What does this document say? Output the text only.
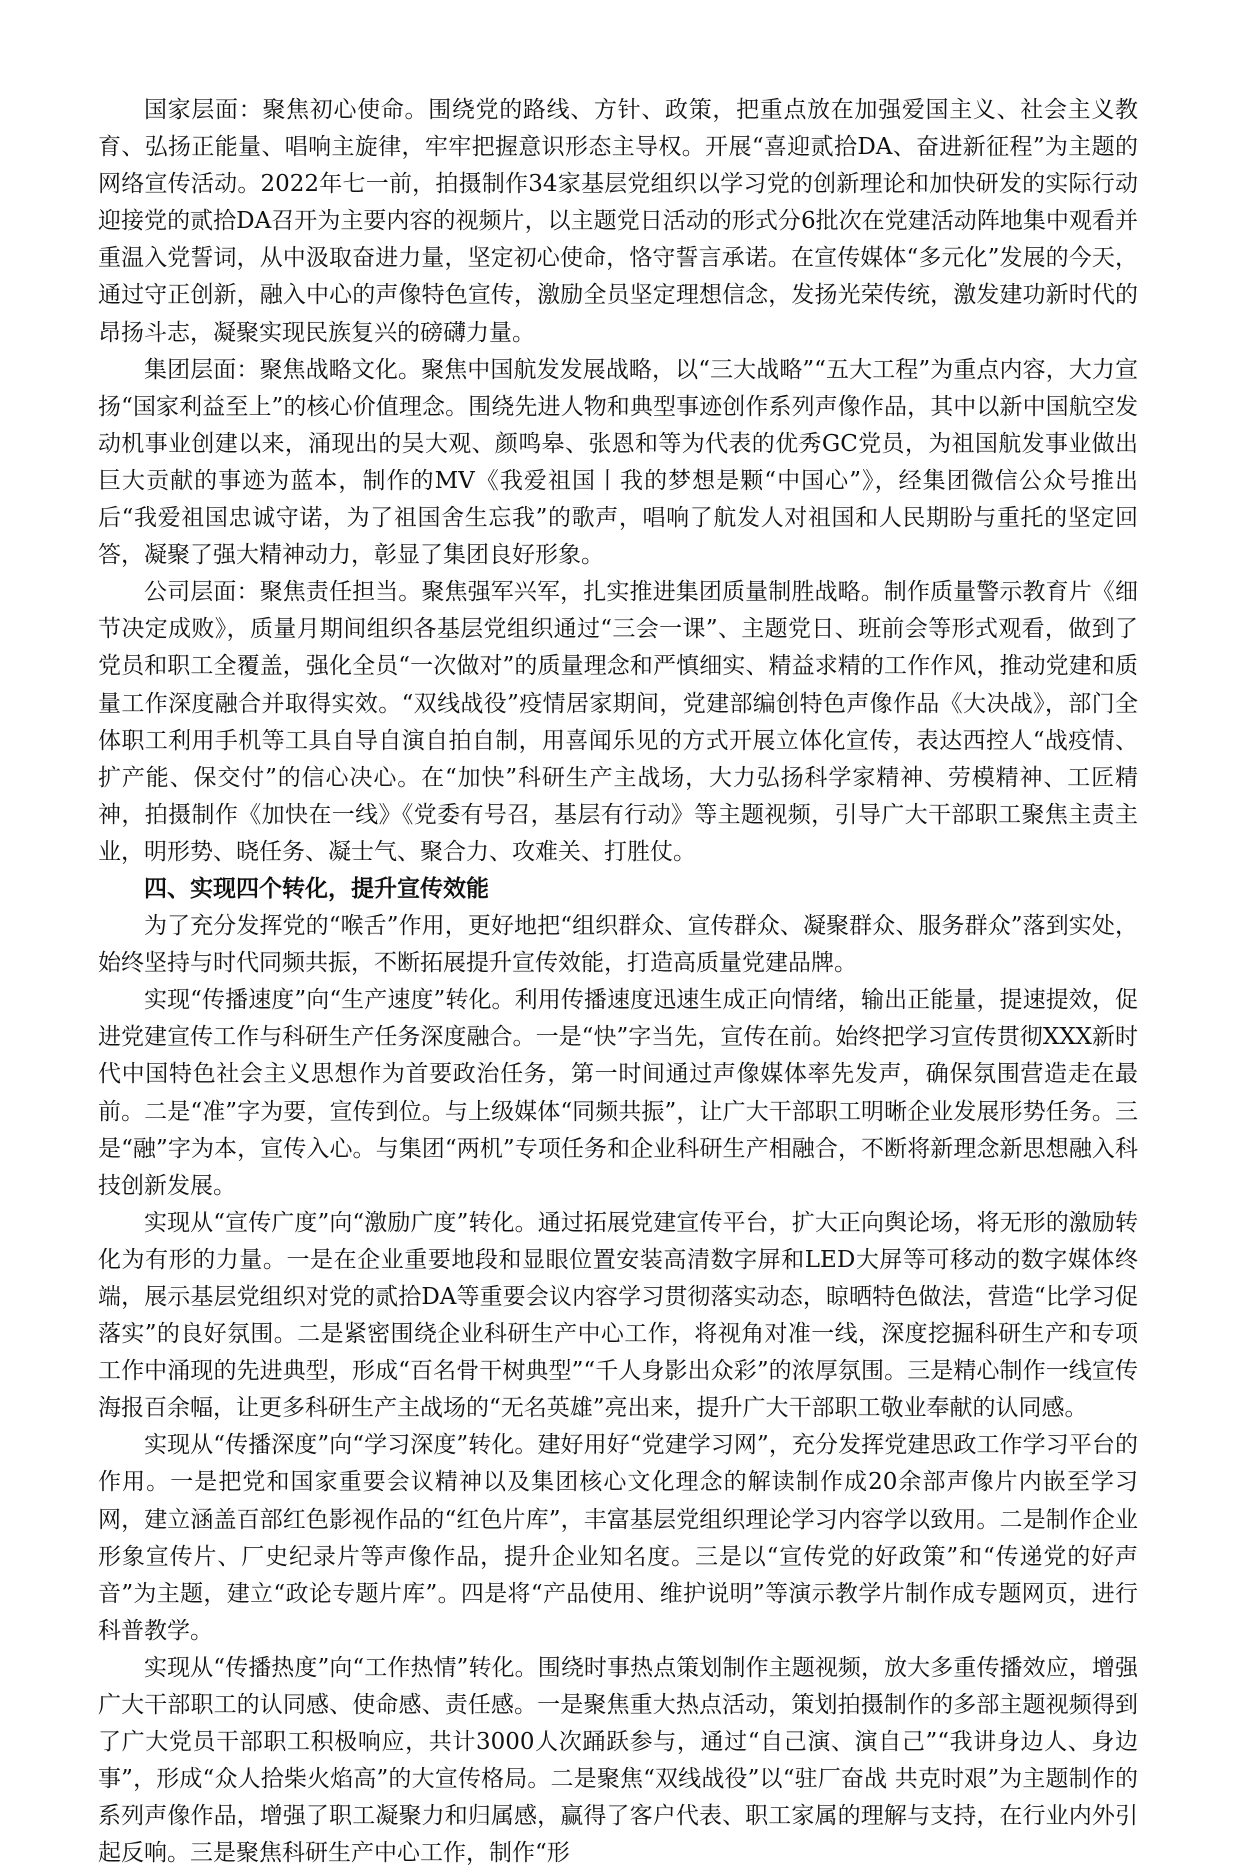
国家层面：聚焦初心使命。围绕党的路线、方针、政策，把重点放在加强爱国主义、社会主义教育、弘扬正能量、唱响主旋律，牢牢把握意识形态主导权。开展“喜迎贰拾DA、奋进新征程”为主题的网络宣传活动。2022年七一前，拍摄制作34家基层党组织以学习党的创新理论和加快研发的实际行动迎接党的贰拾DA召开为主要内容的视频片，以主题党日活动的形式分6批次在党建活动阵地集中观看并重温入党誓词，从中汲取奋进力量，坚定初心使命，恪守誓言承诺。在宣传媒体“多元化”发展的今天，通过守正创新，融入中心的声像特色宣传，激励全员坚定理想信念，发扬光荣传统，激发建功新时代的昂扬斗志，凝聚实现民族复兴的磅礴力量。

集团层面：聚焦战略文化。聚焦中国航发发展战略，以“三大战略”“五大工程”为重点内容，大力宣扬“国家利益至上”的核心价值理念。围绕先进人物和典型事迹创作系列声像作品，其中以新中国航空发动机事业创建以来，涌现出的吴大观、颜鸣皋、张恩和等为代表的优秀GC党员，为祖国航发事业做出巨大贡献的事迹为蓝本，制作的MV《我爱祖国丨我的梦想是颗“中国心”》，经集团微信公众号推出后“我爱祖国忠诚守诺，为了祖国舍生忘我”的歌声，唱响了航发人对祖国和人民期盼与重托的坚定回答，凝聚了强大精神动力，彰显了集团良好形象。

公司层面：聚焦责任担当。聚焦强军兴军，扎实推进集团质量制胜战略。制作质量警示教育片《细节决定成败》，质量月期间组织各基层党组织通过“三会一课”、主题党日、班前会等形式观看，做到了党员和职工全覆盖，强化全员“一次做对”的质量理念和严慎细实、精益求精的工作作风，推动党建和质量工作深度融合并取得实效。“双线战役”疫情居家期间，党建部编创特色声像作品《大决战》，部门全体职工利用手机等工具自导自演自拍自制，用喜闻乐见的方式开展立体化宣传，表达西控人“战疫情、扩产能、保交付”的信心决心。在“加快”科研生产主战场，大力弘扬科学家精神、劳模精神、工匠精神，拍摄制作《加快在一线》《党委有号召，基层有行动》等主题视频，引导广大干部职工聚焦主责主业，明形势、晓任务、凝士气、聚合力、攻难关、打胜仗。

四、实现四个转化，提升宣传效能

为了充分发挥党的“喉舌”作用，更好地把“组织群众、宣传群众、凝聚群众、服务群众”落到实处，始终坚持与时代同频共振，不断拓展提升宣传效能，打造高质量党建品牌。

实现“传播速度”向“生产速度”转化。利用传播速度迅速生成正向情绪，输出正能量，提速提效，促进党建宣传工作与科研生产任务深度融合。一是“快”字当先，宣传在前。始终把学习宣传贯彻XXX新时代中国特色社会主义思想作为首要政治任务，第一时间通过声像媒体率先发声，确保氛围营造走在最前。二是“准”字为要，宣传到位。与上级媒体“同频共振”，让广大干部职工明晰企业发展形势任务。三是“融”字为本，宣传入心。与集团“两机”专项任务和企业科研生产相融合，不断将新理念新思想融入科技创新发展。

实现从“宣传广度”向“激励广度”转化。通过拓展党建宣传平台，扩大正向舆论场，将无形的激励转化为有形的力量。一是在企业重要地段和显眼位置安装高清数字屏和LED大屏等可移动的数字媒体终端，展示基层党组织对党的贰拾DA等重要会议内容学习贯彻落实动态，晾晒特色做法，营造“比学习促落实”的良好氛围。二是紧密围绕企业科研生产中心工作，将视角对准一线，深度挖掘科研生产和专项工作中涌现的先进典型，形成“百名骨干树典型”“千人身影出众彩”的浓厚氛围。三是精心制作一线宣传海报百余幅，让更多科研生产主战场的“无名英雄”亮出来，提升广大干部职工敬业奉献的认同感。

实现从“传播深度”向“学习深度”转化。建好用好“党建学习网”，充分发挥党建思政工作学习平台的作用。一是把党和国家重要会议精神以及集团核心文化理念的解读制作成20余部声像片内嵌至学习网，建立涵盖百部红色影视作品的“红色片库”，丰富基层党组织理论学习内容学以致用。二是制作企业形象宣传片、厂史纪录片等声像作品，提升企业知名度。三是以“宣传党的好政策”和“传递党的好声音”为主题，建立“政论专题片库”。四是将“产品使用、维护说明”等演示教学片制作成专题网页，进行科普教学。

实现从“传播热度”向“工作热情”转化。围绕时事热点策划制作主题视频，放大多重传播效应，增强广大干部职工的认同感、使命感、责任感。一是聚焦重大热点活动，策划拍摄制作的多部主题视频得到了广大党员干部职工积极响应，共计3000人次踊跃参与，通过“自己演、演自己”“我讲身边人、身边事”，形成“众人拾柴火焰高”的大宣传格局。二是聚焦“双线战役”以“驻厂奋战 共克时艰”为主题制作的系列声像作品，增强了职工凝聚力和归属感，赢得了客户代表、职工家属的理解与支持，在行业内外引起反响。三是聚焦科研生产中心工作，制作“形
